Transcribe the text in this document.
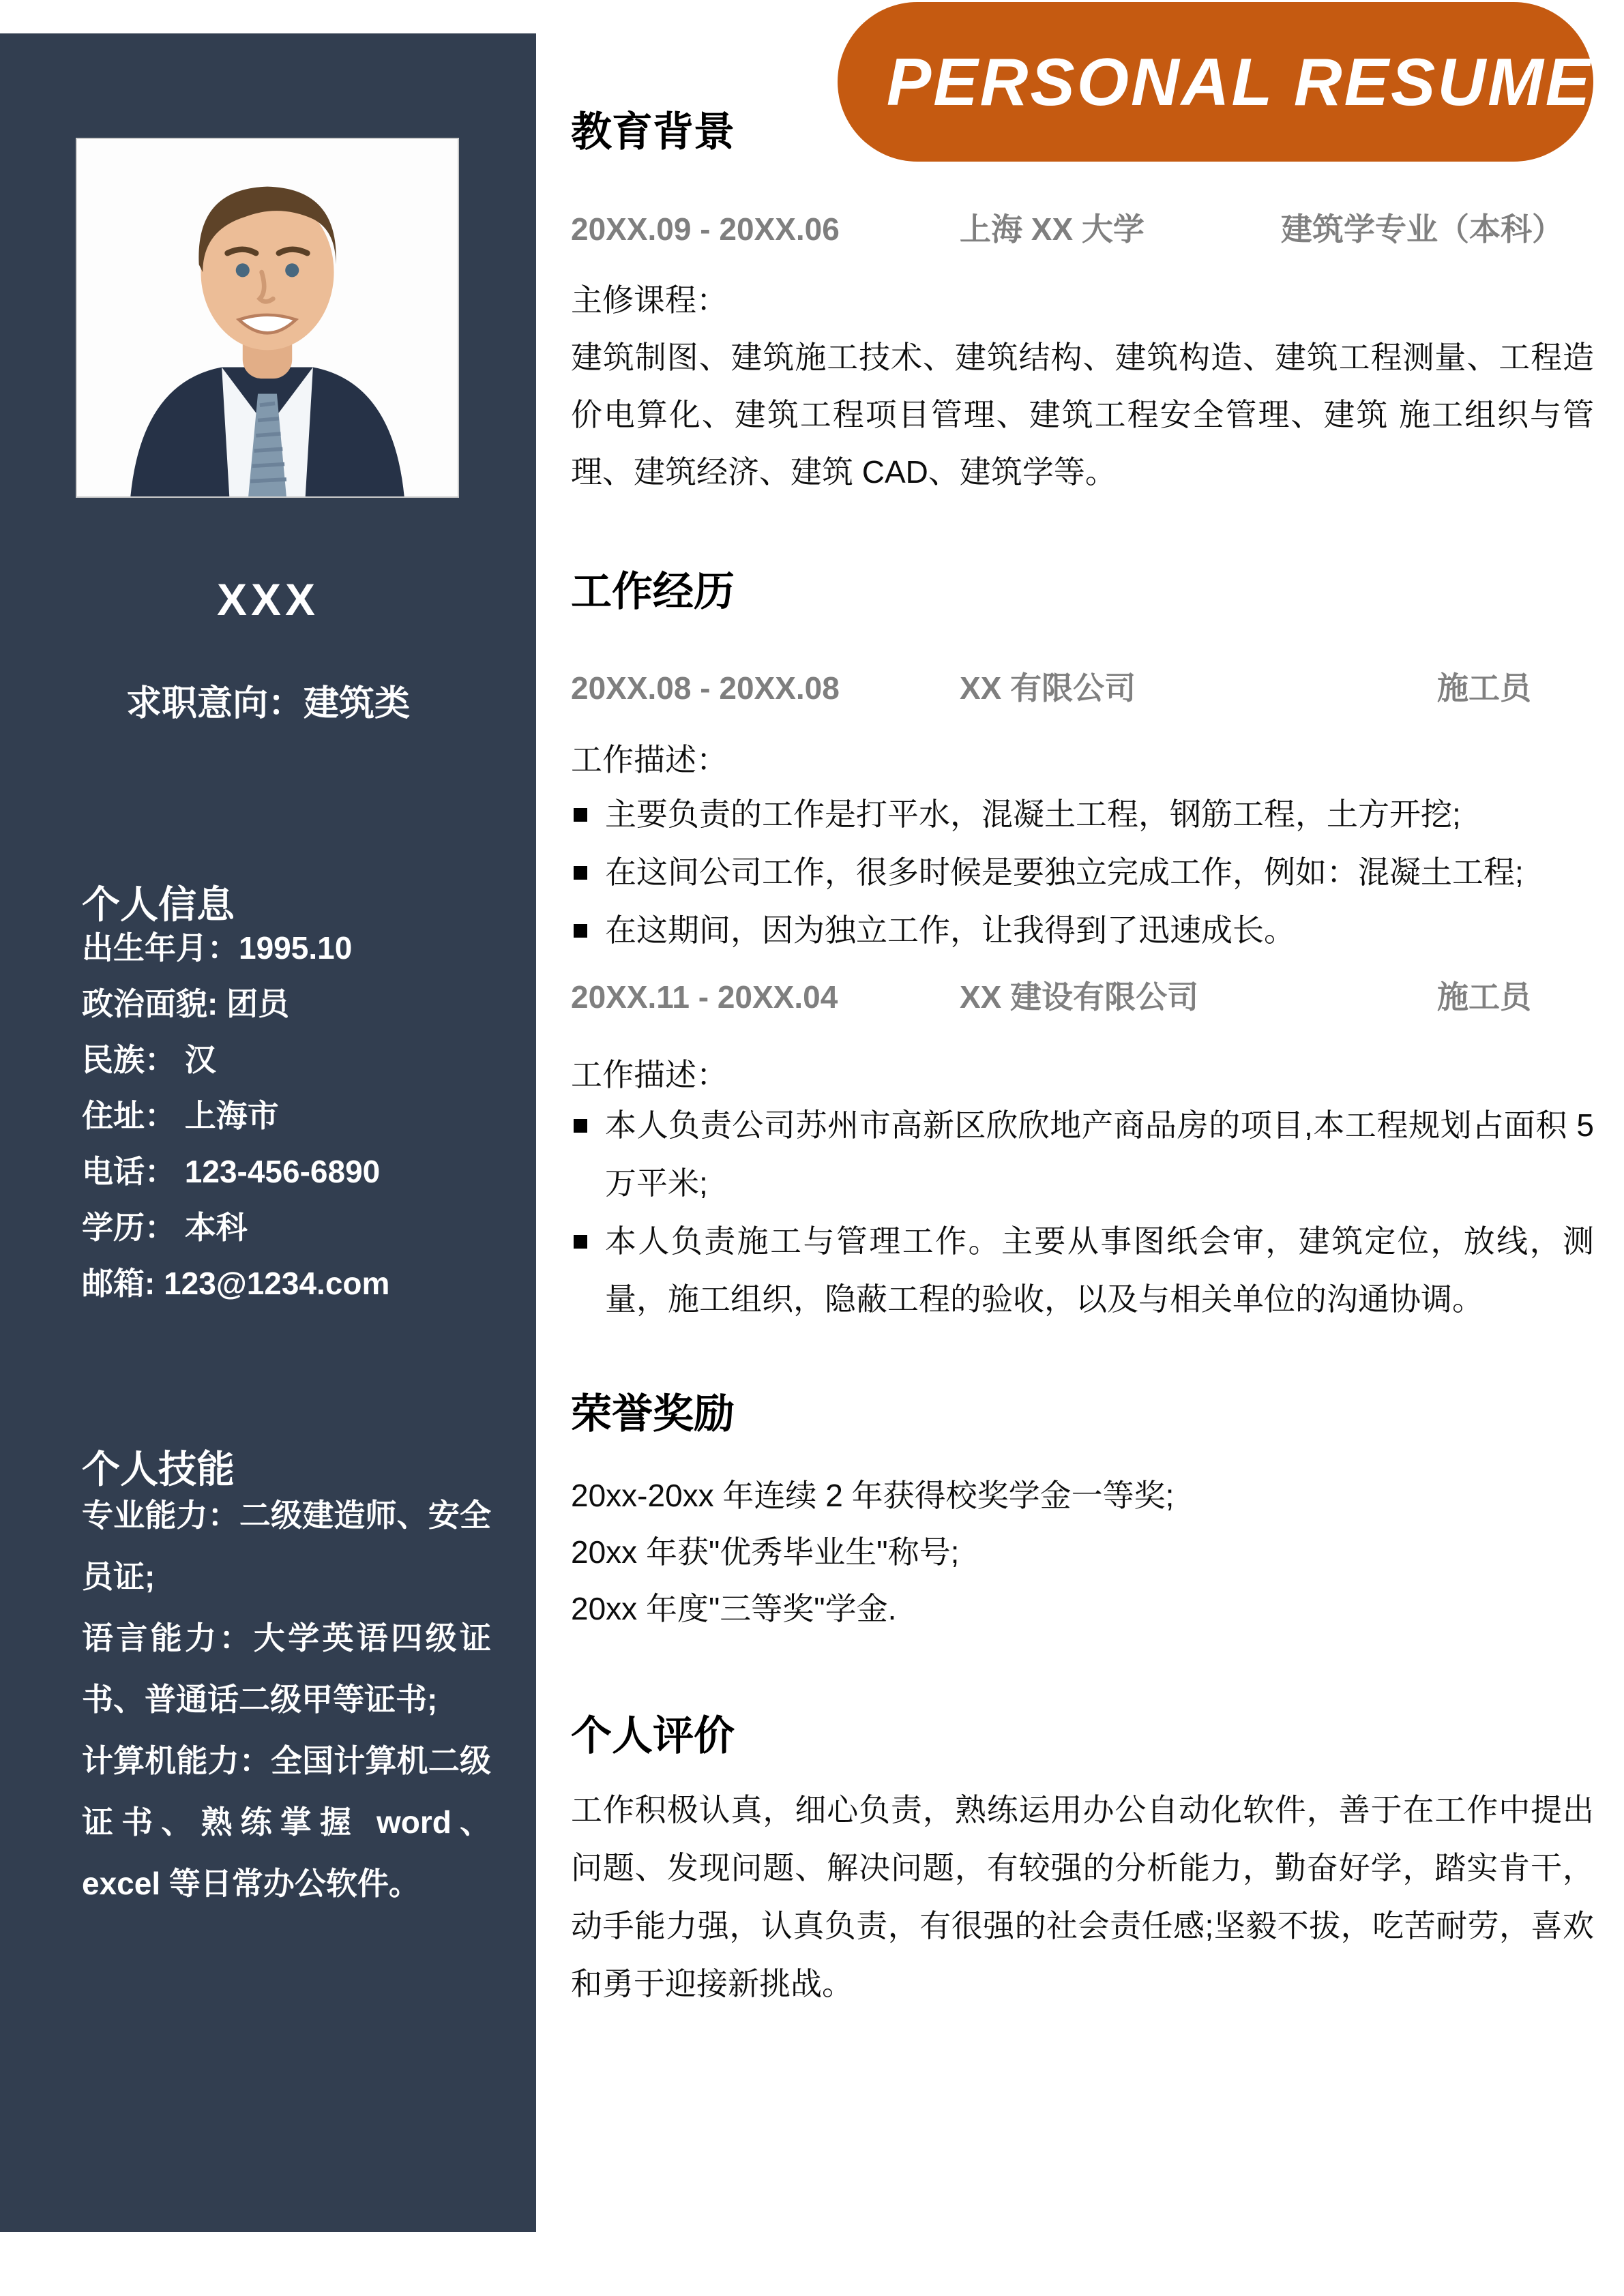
XXX
求职意向：建筑类
个人信息
出生年月：1995.10
政治面貌: 团员
民族： 汉
住址： 上海市
电话： 123-456-6890
学历： 本科
邮箱: 123@1234.com
个人技能

专业能力：二级建造师、安全员证;

语言能力：大学英语四级证书、普通话二级甲等证书;

计算机能力：全国计算机二级证书、熟练掌握 word、excel 等日常办公软件。

PERSONAL RESUME
教育背景
20XX.09 - 20XX.06	上海 XX 大学	建筑学专业（本科）

主修课程：

建筑制图、建筑施工技术、建筑结构、建筑构造、建筑工程测量、工程造价电算化、建筑工程项目管理、建筑工程安全管理、建筑 施工组织与管理、建筑经济、建筑 CAD、建筑学等。

工作经历
20XX.08 - 20XX.08	XX 有限公司	施工员

工作描述：

主要负责的工作是打平水，混凝土工程，钢筋工程，土方开挖;

在这间公司工作，很多时候是要独立完成工作，例如：混凝土工程;

在这期间，因为独立工作，让我得到了迅速成长。

20XX.11 - 20XX.04	XX 建设有限公司	施工员

工作描述：

本人负责公司苏州市高新区欣欣地产商品房的项目,本工程规划占面积 5 万平米;

本人负责施工与管理工作。主要从事图纸会审，建筑定位，放线，测量，施工组织，隐蔽工程的验收，以及与相关单位的沟通协调。

荣誉奖励

20xx-20xx 年连续 2 年获得校奖学金一等奖;

20xx 年获"优秀毕业生"称号;

20xx 年度"三等奖"学金.

个人评价

工作积极认真，细心负责，熟练运用办公自动化软件，善于在工作中提出问题、发现问题、解决问题，有较强的分析能力，勤奋好学，踏实肯干，动手能力强，认真负责，有很强的社会责任感;坚毅不拔，吃苦耐劳，喜欢和勇于迎接新挑战。
